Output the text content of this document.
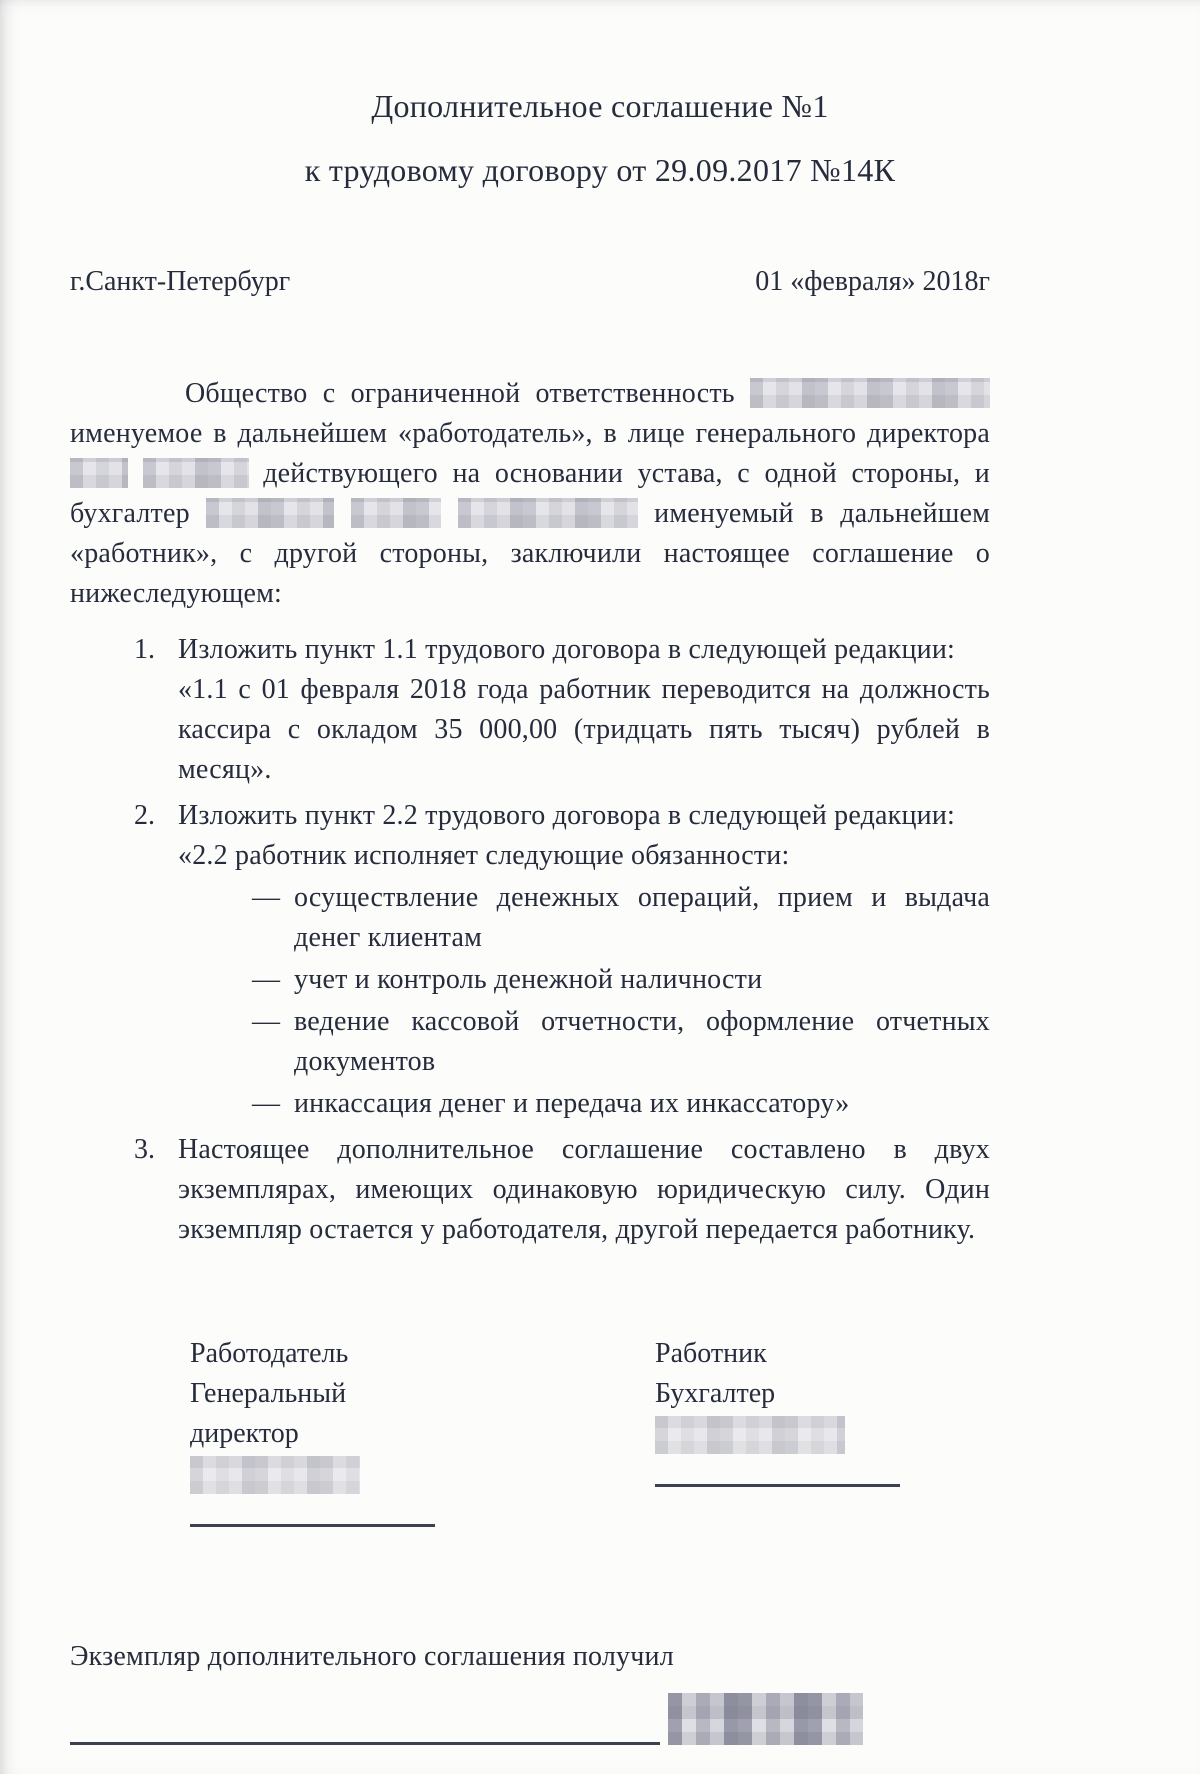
Дополнительное соглашение №1
к трудовому договору от 29.09.2017 №14К
г.Санкт-Петербург	01 «февраля» 2018г

Общество с ограниченной ответственность  именуемое в дальнейшем «работодатель», в лице генерального директора   действующего на основании устава, с одной стороны, и бухгалтер	именуемый в дальнейшем «работник», с другой стороны, заключили настоящее соглашение о нижеследующем:

1. Изложить пункт 1.1 трудового договора в следующей редакции:
«1.1 с 01 февраля 2018 года работник переводится на должность кассира с окладом 35 000,00 (тридцать пять тысяч) рублей в месяц».
2. Изложить пункт 2.2 трудового договора в следующей редакции:
«2.2 работник исполняет следующие обязанности:
— осуществление денежных операций, прием и выдача денег клиентам
— учет и контроль денежной наличности
— ведение кассовой отчетности, оформление отчетных документов
— инкассация денег и передача их инкассатору»
3. Настоящее дополнительное соглашение составлено в двух экземплярах, имеющих одинаковую юридическую силу. Один экземпляр остается у работодателя, другой передается работнику.
Работодатель
Генеральный директор
Работник
Бухгалтер
Экземпляр дополнительного соглашения получил
